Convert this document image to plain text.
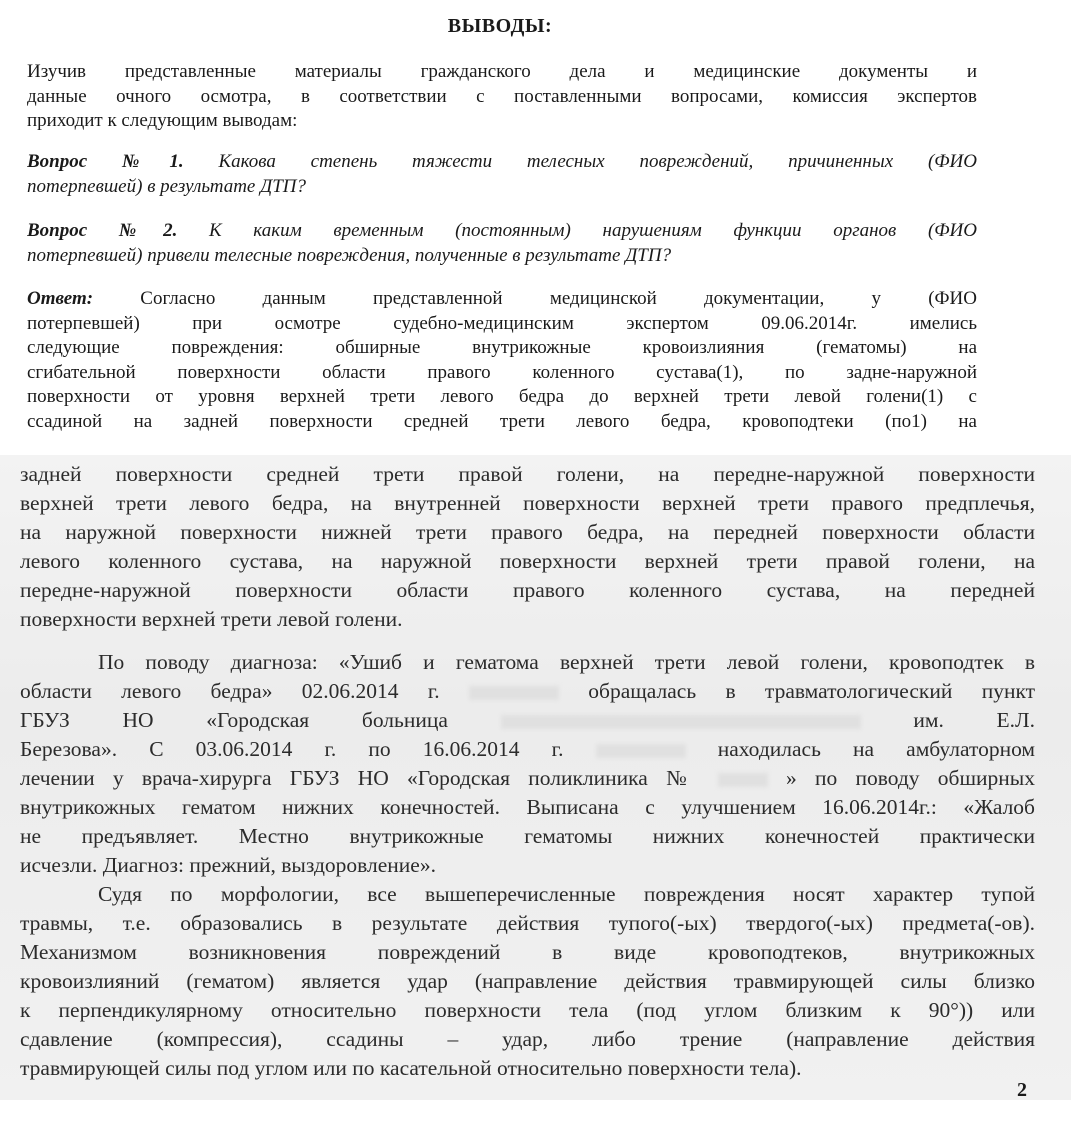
ВЫВОДЫ:
Изучив представленные материалы гражданского дела и медицинские документы и
данные очного осмотра, в соответствии с поставленными вопросами, комиссия экспертов
приходит к следующим выводам:
Вопрос №1. Какова степень тяжести телесных повреждений, причиненных (ФИО
потерпевшей) в результате ДТП?
Вопрос №2. К каким временным (постоянным) нарушениям функции органов (ФИО
потерпевшей) привели телесные повреждения, полученные в результате ДТП?
Ответ: Согласно данным представленной медицинской документации, у (ФИО
потерпевшей) при осмотре судебно-медицинским экспертом 09.06.2014г. имелись
следующие повреждения: обширные внутрикожные кровоизлияния (гематомы) на
сгибательной поверхности области правого коленного сустава(1), по задне-наружной
поверхности от уровня верхней трети левого бедра до верхней трети левой голени(1) с
ссадиной на задней поверхности средней трети левого бедра, кровоподтеки (по1) на
задней поверхности средней трети правой голени, на передне-наружной поверхности
верхней трети левого бедра, на внутренней поверхности верхней трети правого предплечья,
на наружной поверхности нижней трети правого бедра, на передней поверхности области
левого коленного сустава, на наружной поверхности верхней трети правой голени, на
передне-наружной поверхности области правого коленного сустава, на передней
поверхности верхней трети левой голени.
По поводу диагноза: «Ушиб и гематома верхней трети левой голени, кровоподтек в
области левого бедра» 02.06.2014 г.	обращалась в травматологический пункт
ГБУЗ НО «Городская больница	им. Е.Л.
Березова». С 03.06.2014 г. по 16.06.2014 г.	находилась на амбулаторном
лечении у врача-хирурга ГБУЗ НО «Городская поликлиника №	» по поводу обширных
внутрикожных гематом нижних конечностей. Выписана с улучшением 16.06.2014г.: «Жалоб
не предъявляет. Местно внутрикожные гематомы нижних конечностей практически
исчезли. Диагноз: прежний, выздоровление».
Судя по морфологии, все вышеперечисленные повреждения носят характер тупой
травмы, т.е. образовались в результате действия тупого(-ых) твердого(-ых) предмета(-ов).
Механизмом возникновения повреждений в виде кровоподтеков, внутрикожных
кровоизлияний (гематом) является удар (направление действия травмирующей силы близко
к перпендикулярному относительно поверхности тела (под углом близким к 90°)) или
сдавление (компрессия), ссадины – удар, либо трение (направление действия
травмирующей силы под углом или по касательной относительно поверхности тела).
2
